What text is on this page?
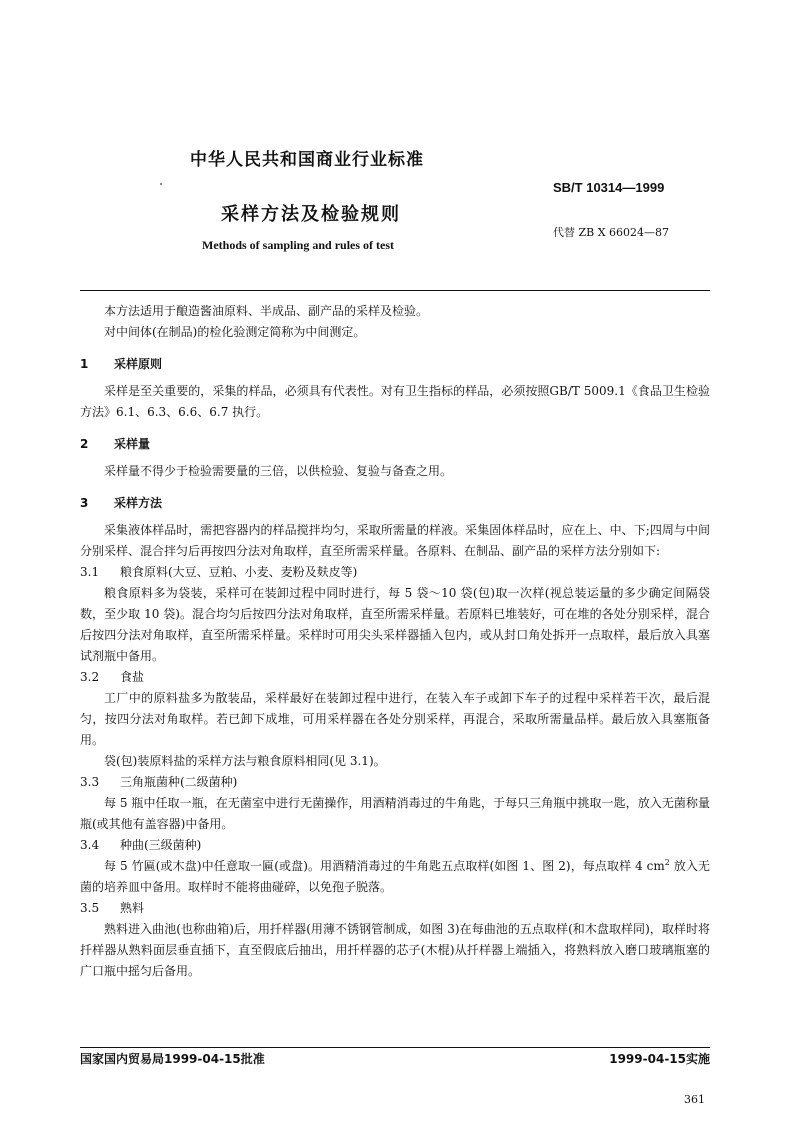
中华人民共和国商业行业标准
SB/T 10314—1999
采样方法及检验规则
代替 ZB X 66024—87
Methods of sampling and rules of test

本方法适用于酿造酱油原料、半成品、副产品的采样及检验。

对中间体(在制品)的检化验测定简称为中间测定。

1 采样原则

采样是至关重要的，采集的样品，必须具有代表性。对有卫生指标的样品，必须按照GB/T 5009.1《食品卫生检验方法》6.1、6.3、6.6、6.7 执行。

2 采样量

采样量不得少于检验需要量的三倍，以供检验、复验与备查之用。

3 采样方法

采集液体样品时，需把容器内的样品搅拌均匀，采取所需量的样液。采集固体样品时，应在上、中、下;四周与中间分别采样、混合拌匀后再按四分法对角取样，直至所需采样量。各原料、在制品、副产品的采样方法分别如下:

3.1 粮食原料(大豆、豆粕、小麦、麦粉及麸皮等)

粮食原料多为袋装，采样可在装卸过程中同时进行，每 5 袋～10 袋(包)取一次样(视总装运量的多少确定间隔袋数，至少取 10 袋)。混合均匀后按四分法对角取样，直至所需采样量。若原料已堆装好，可在堆的各处分别采样，混合后按四分法对角取样，直至所需采样量。采样时可用尖头采样器插入包内，或从封口角处拆开一点取样，最后放入具塞试剂瓶中备用。

3.2 食盐

工厂中的原料盐多为散装品，采样最好在装卸过程中进行，在装入车子或卸下车子的过程中采样若干次，最后混匀，按四分法对角取样。若已卸下成堆，可用采样器在各处分别采样，再混合，采取所需量品样。最后放入具塞瓶备用。

袋(包)装原料盐的采样方法与粮食原料相同(见 3.1)。

3.3 三角瓶菌种(二级菌种)

每 5 瓶中任取一瓶，在无菌室中进行无菌操作，用酒精消毒过的牛角匙，于每只三角瓶中挑取一匙，放入无菌称量瓶(或其他有盖容器)中备用。

3.4 种曲(三级菌种)

每 5 竹匾(或木盘)中任意取一匾(或盘)。用酒精消毒过的牛角匙五点取样(如图 1、图 2)，每点取样 4 $cm^2$ 放入无菌的培养皿中备用。取样时不能将曲碰碎，以免孢子脱落。

3.5 熟料

熟料进入曲池(也称曲箱)后，用扦样器(用薄不锈钢管制成，如图 3)在每曲池的五点取样(和木盘取样同)，取样时将扦样器从熟料面层垂直插下，直至假底后抽出，用扦样器的芯子(木棍)从扦样器上端插入，将熟料放入磨口玻璃瓶塞的广口瓶中摇匀后备用。

国家国内贸易局1999-04-15批准	1999-04-15实施
361
